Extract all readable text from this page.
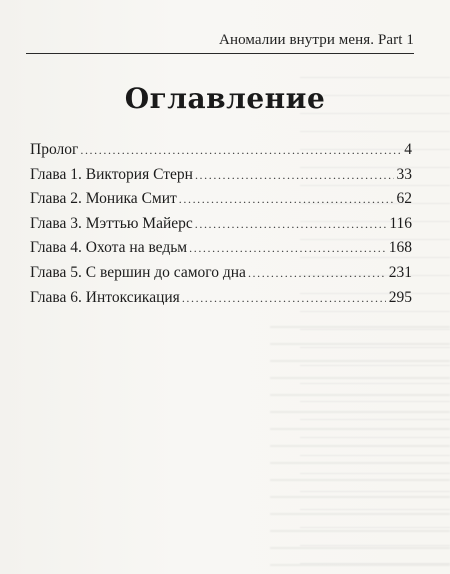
Аномалии внутри меня. Part 1
Оглавление
Пролог .....	4
Глава 1. Виктория Стерн .....	33
Глава 2. Моника Смит .....	62
Глава 3. Мэттью Майерс .....	116
Глава 4. Охота на ведьм .....	168
Глава 5. С вершин до самого дна .....	231
Глава 6. Интоксикация .....	295
